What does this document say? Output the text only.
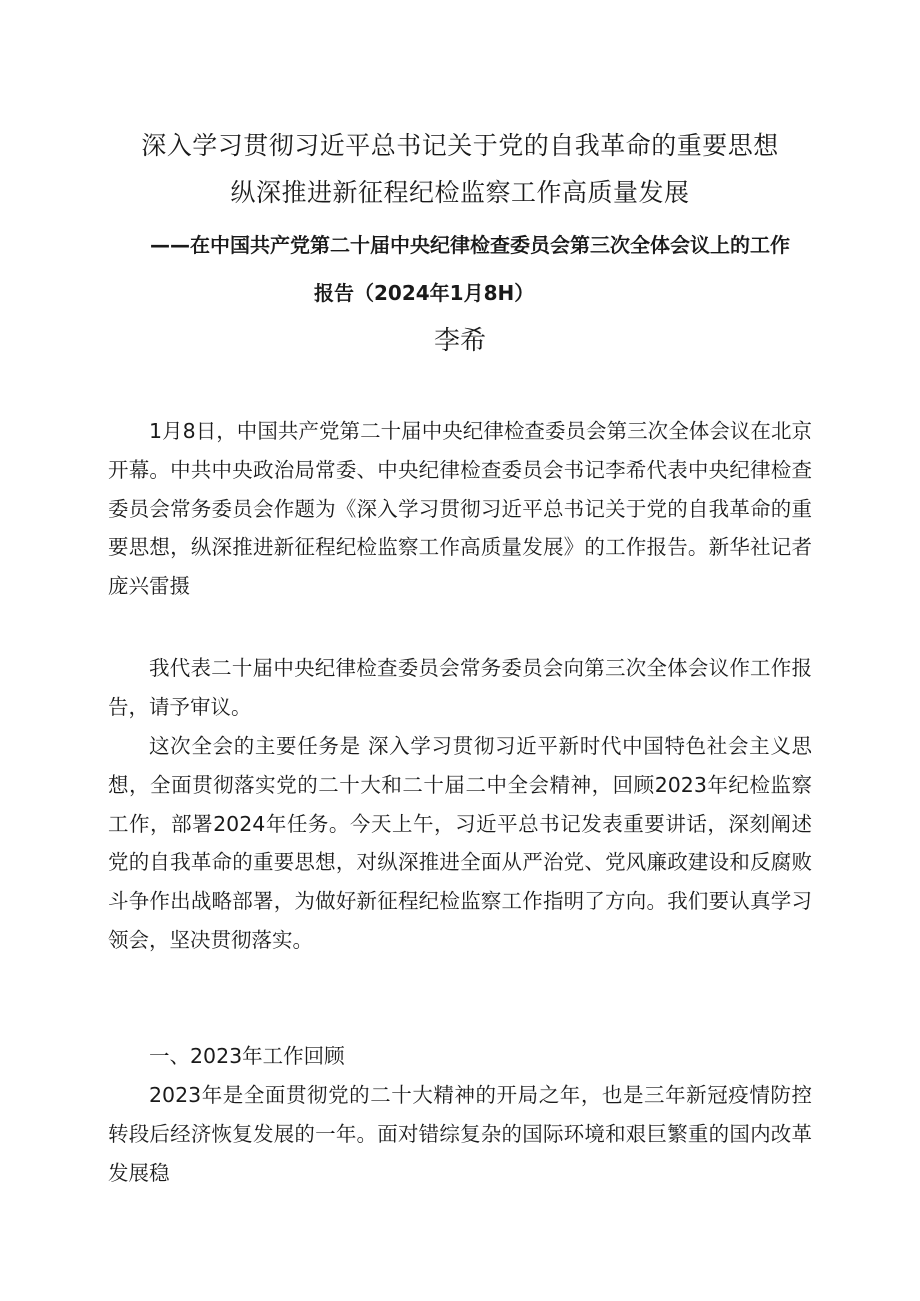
深入学习贯彻习近平总书记关于党的自我革命的重要思想
纵深推进新征程纪检监察工作高质量发展
——在中国共产党第二十届中央纪律检查委员会第三次全体会议上的工作
报告（2024年1月8H）
李希

1月8日，中国共产党第二十届中央纪律检查委员会第三次全体会议在北京开幕。中共中央政治局常委、中央纪律检查委员会书记李希代表中央纪律检查委员会常务委员会作题为《深入学习贯彻习近平总书记关于党的自我革命的重要思想，纵深推进新征程纪检监察工作高质量发展》的工作报告。新华社记者庞兴雷摄

我代表二十届中央纪律检查委员会常务委员会向第三次全体会议作工作报告，请予审议。

这次全会的主要任务是 深入学习贯彻习近平新时代中国特色社会主义思想，全面贯彻落实党的二十大和二十届二中全会精神，回顾2023年纪检监察工作，部署2024年任务。今天上午，习近平总书记发表重要讲话，深刻阐述党的自我革命的重要思想，对纵深推进全面从严治党、党风廉政建设和反腐败斗争作出战略部署，为做好新征程纪检监察工作指明了方向。我们要认真学习领会，坚决贯彻落实。

一、2023年工作回顾

2023年是全面贯彻党的二十大精神的开局之年，也是三年新冠疫情防控转段后经济恢复发展的一年。面对错综复杂的国际环境和艰巨繁重的国内改革发展稳
